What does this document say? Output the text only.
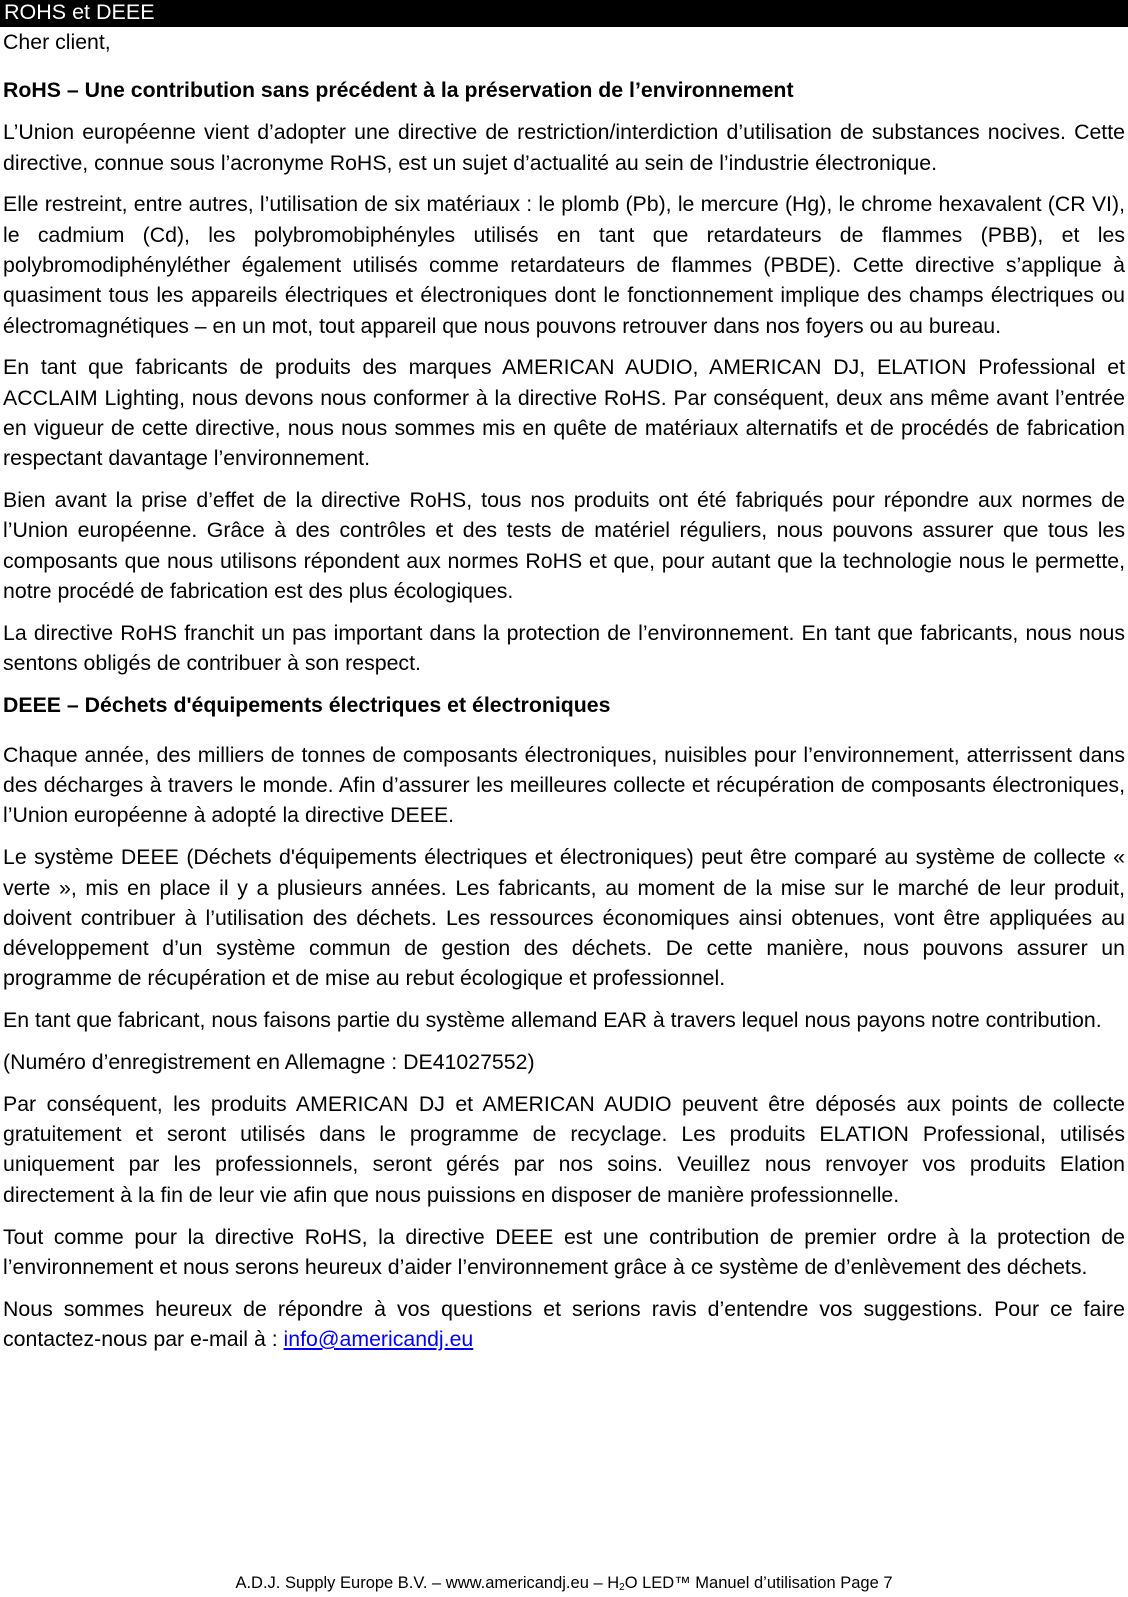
ROHS et DEEE

Cher client,

RoHS – Une contribution sans précédent à la préservation de l’environnement

L’Union européenne vient d’adopter une directive de restriction/interdiction d’utilisation de substances nocives. Cette directive, connue sous l’acronyme RoHS, est un sujet d’actualité au sein de l’industrie électronique.

Elle restreint, entre autres, l’utilisation de six matériaux : le plomb (Pb), le mercure (Hg), le chrome hexavalent (CR VI), le cadmium (Cd), les polybromobiphényles utilisés en tant que retardateurs de flammes (PBB), et les polybromodiphényléther également utilisés comme retardateurs de flammes (PBDE). Cette directive s’applique à quasiment tous les appareils électriques et électroniques dont le fonctionnement implique des champs électriques ou électromagnétiques – en un mot, tout appareil que nous pouvons retrouver dans nos foyers ou au bureau.

En tant que fabricants de produits des marques AMERICAN AUDIO, AMERICAN DJ, ELATION Professional et ACCLAIM Lighting, nous devons nous conformer à la directive RoHS. Par conséquent, deux ans même avant l’entrée en vigueur de cette directive, nous nous sommes mis en quête de matériaux alternatifs et de procédés de fabrication respectant davantage l’environnement.

Bien avant la prise d’effet de la directive RoHS, tous nos produits ont été fabriqués pour répondre aux normes de l’Union européenne. Grâce à des contrôles et des tests de matériel réguliers, nous pouvons assurer que tous les composants que nous utilisons répondent aux normes RoHS et que, pour autant que la technologie nous le permette, notre procédé de fabrication est des plus écologiques.

La directive RoHS franchit un pas important dans la protection de l’environnement. En tant que fabricants, nous nous sentons obligés de contribuer à son respect.

DEEE – Déchets d'équipements électriques et électroniques

Chaque année, des milliers de tonnes de composants électroniques, nuisibles pour l’environnement, atterrissent dans des décharges à travers le monde. Afin d’assurer les meilleures collecte et récupération de composants électroniques, l’Union européenne à adopté la directive DEEE.

Le système DEEE (Déchets d'équipements électriques et électroniques) peut être comparé au système de collecte « verte », mis en place il y a plusieurs années. Les fabricants, au moment de la mise sur le marché de leur produit, doivent contribuer à l’utilisation des déchets. Les ressources économiques ainsi obtenues, vont être appliquées au développement d’un système commun de gestion des déchets. De cette manière, nous pouvons assurer un programme de récupération et de mise au rebut écologique et professionnel.

En tant que fabricant, nous faisons partie du système allemand EAR à travers lequel nous payons notre contribution.

(Numéro d’enregistrement en Allemagne : DE41027552)

Par conséquent, les produits AMERICAN DJ et AMERICAN AUDIO peuvent être déposés aux points de collecte gratuitement et seront utilisés dans le programme de recyclage. Les produits ELATION Professional, utilisés uniquement par les professionnels, seront gérés par nos soins. Veuillez nous renvoyer vos produits Elation directement à la fin de leur vie afin que nous puissions en disposer de manière professionnelle.

Tout comme pour la directive RoHS, la directive DEEE est une contribution de premier ordre à la protection de l’environnement et nous serons heureux d’aider l’environnement grâce à ce système de d’enlèvement des déchets.

Nous sommes heureux de répondre à vos questions et serions ravis d’entendre vos suggestions. Pour ce faire contactez-nous par e-mail à : info@americandj.eu

A.D.J. Supply Europe B.V. – www.americandj.eu – $H_2O$ LED™ Manuel d’utilisation Page 7
